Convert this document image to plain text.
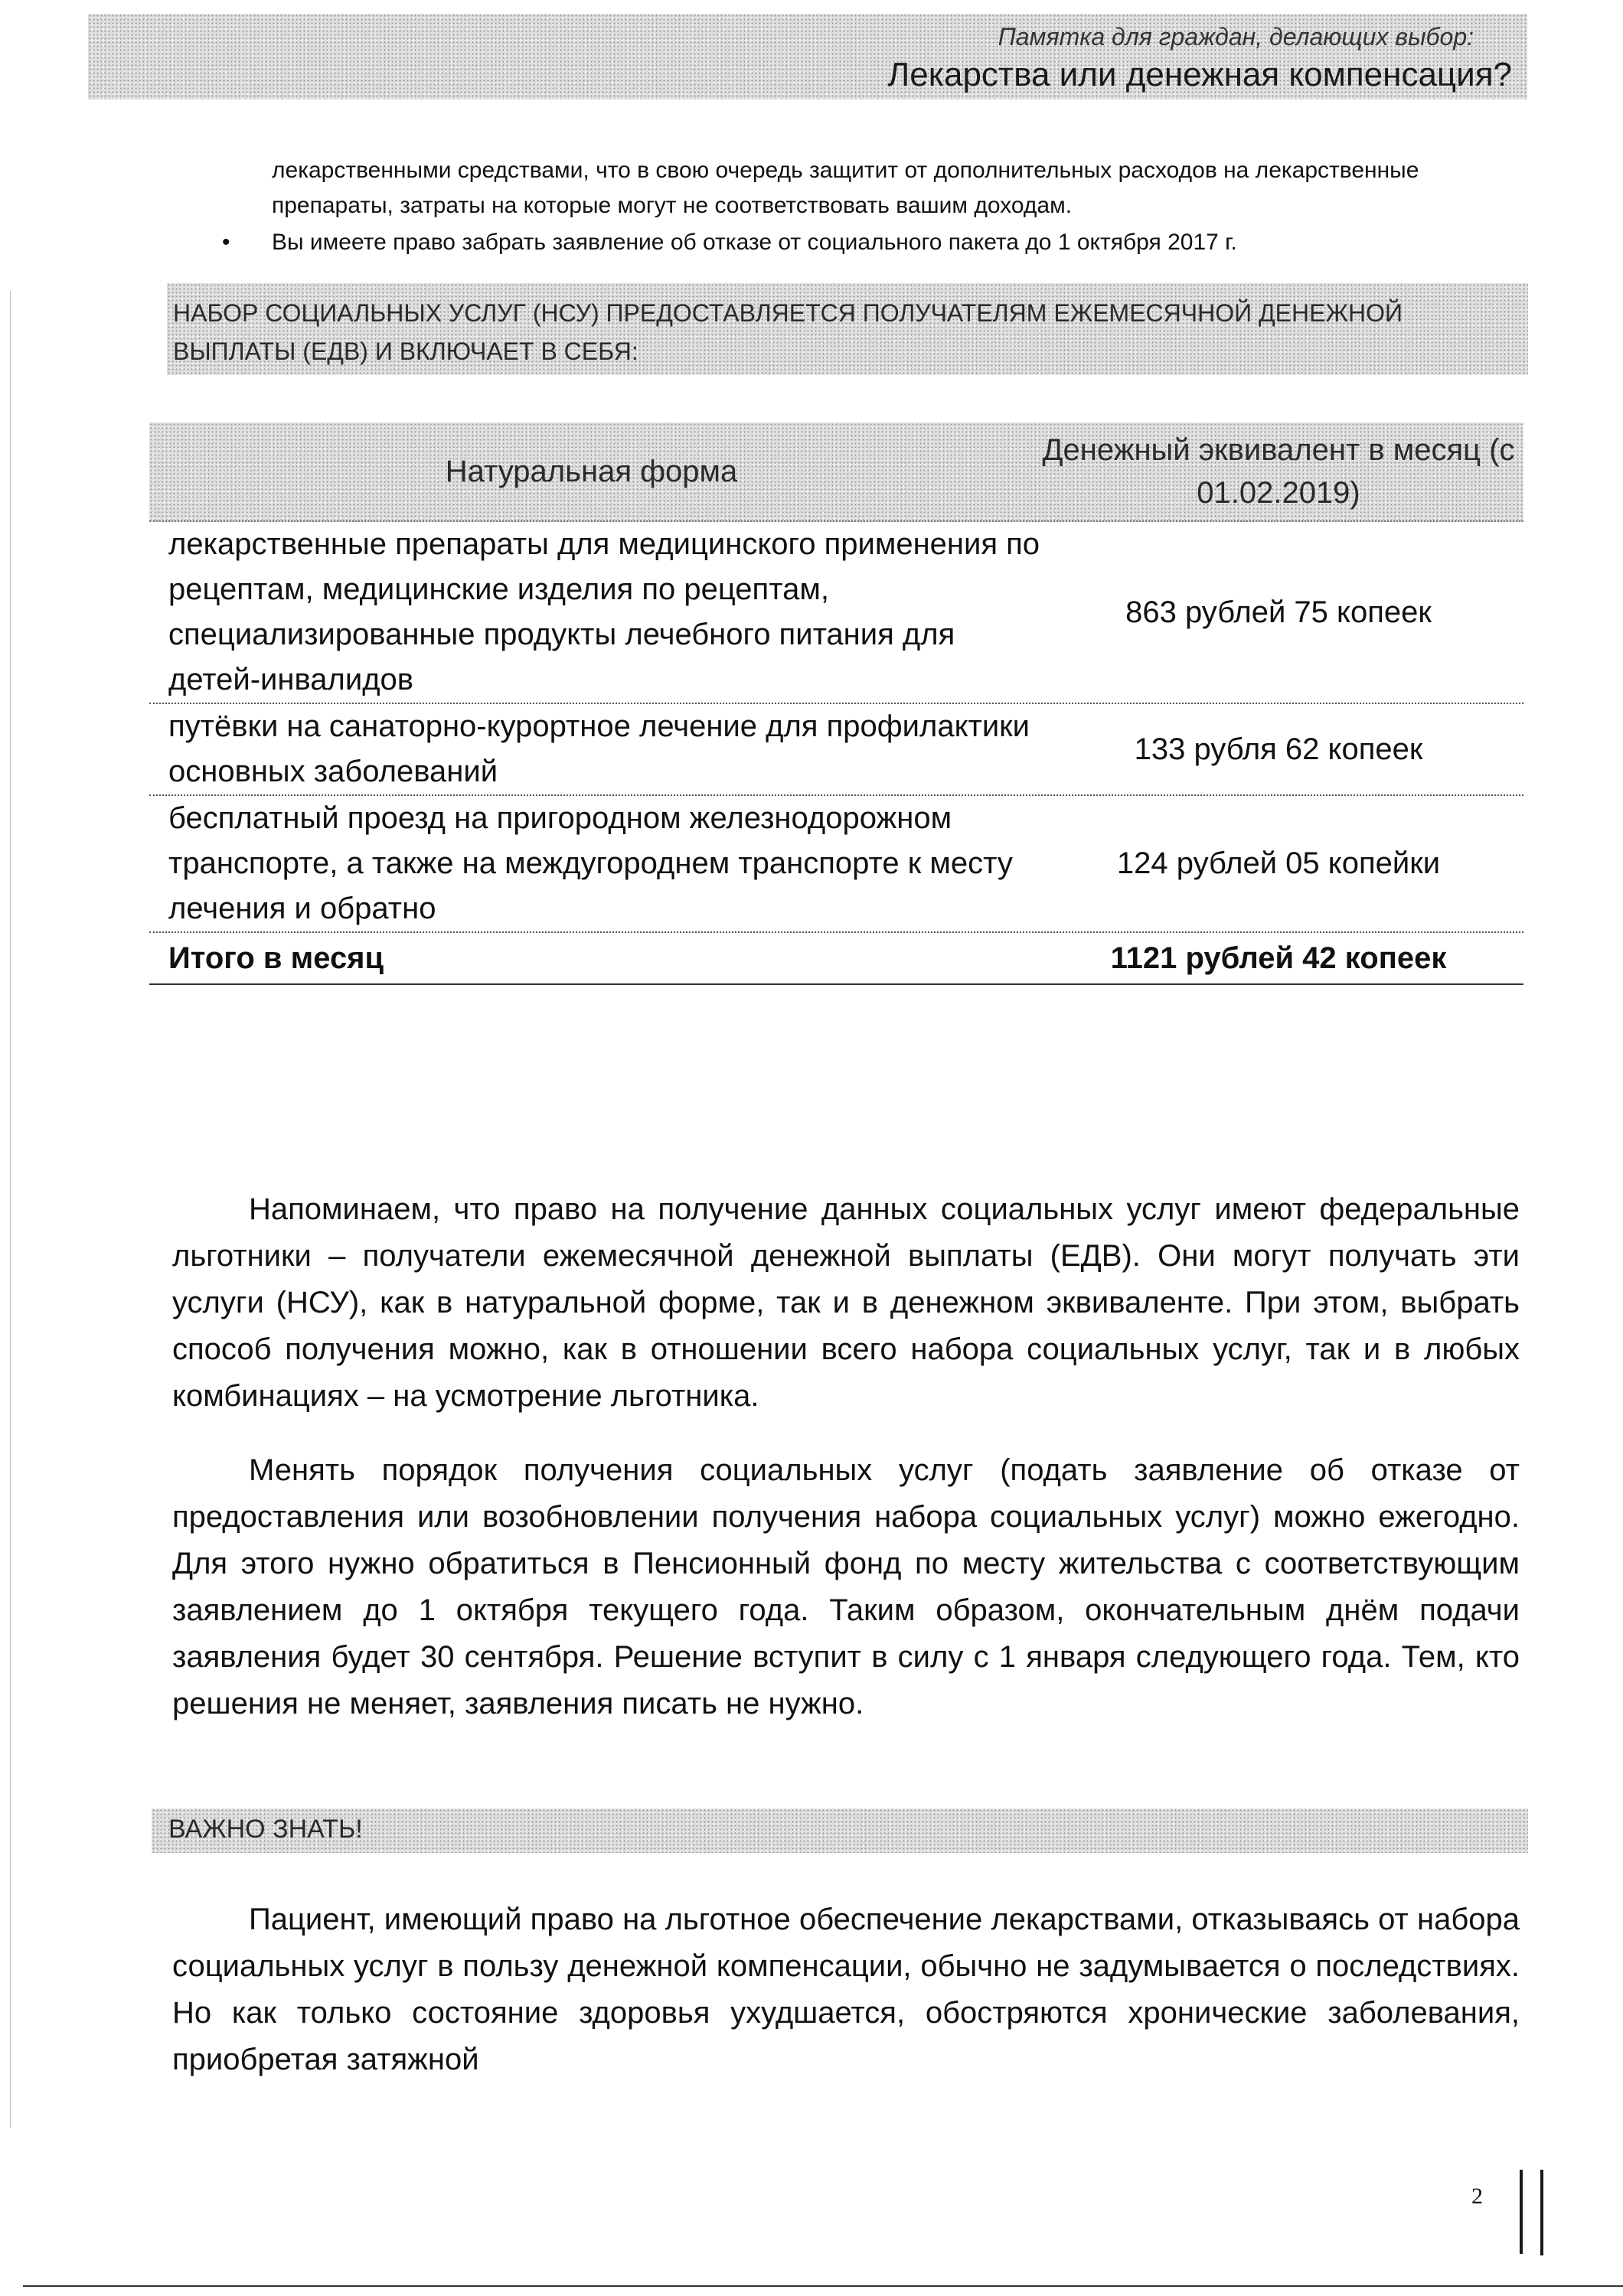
Памятка для граждан, делающих выбор:
Лекарства или денежная компенсация?
лекарственными средствами, что в свою очередь защитит от дополнительных расходов на лекарственные препараты, затраты на которые могут не соответствовать вашим доходам.
• Вы имеете право забрать заявление об отказе от социального пакета до 1 октября 2017 г.
НАБОР СОЦИАЛЬНЫХ УСЛУГ (НСУ) ПРЕДОСТАВЛЯЕТСЯ ПОЛУЧАТЕЛЯМ ЕЖЕМЕСЯЧНОЙ ДЕНЕЖНОЙ ВЫПЛАТЫ (ЕДВ) И ВКЛЮЧАЕТ В СЕБЯ:
Натуральная форма
Денежный эквивалент в месяц (с 01.02.2019)
лекарственные препараты для медицинского применения по рецептам, медицинские изделия по рецептам, специализированные продукты лечебного питания для детей-инвалидов
863 рублей 75 копеек
путёвки на санаторно-курортное лечение для профилактики основных заболеваний
133 рубля 62 копеек
бесплатный проезд на пригородном железнодорожном транспорте, а также на междугороднем транспорте к месту лечения и обратно
124 рублей 05 копейки
Итого в месяц	1121 рублей 42 копеек
Напоминаем, что право на получение данных социальных услуг имеют федеральные льготники – получатели ежемесячной денежной выплаты (ЕДВ). Они могут получать эти услуги (НСУ), как в натуральной форме, так и в денежном эквиваленте. При этом, выбрать способ получения можно, как в отношении всего набора социальных услуг, так и в любых комбинациях – на усмотрение льготника.
Менять порядок получения социальных услуг (подать заявление об отказе от предоставления или возобновлении получения набора социальных услуг) можно ежегодно. Для этого нужно обратиться в Пенсионный фонд по месту жительства с соответствующим заявлением до 1 октября текущего года. Таким образом, окончательным днём подачи заявления будет 30 сентября. Решение вступит в силу с 1 января следующего года. Тем, кто решения не меняет, заявления писать не нужно.
ВАЖНО ЗНАТЬ!
Пациент, имеющий право на льготное обеспечение лекарствами, отказываясь от набора социальных услуг в пользу денежной компенсации, обычно не задумывается о последствиях. Но как только состояние здоровья ухудшается, обостряются хронические заболевания, приобретая затяжной
2
